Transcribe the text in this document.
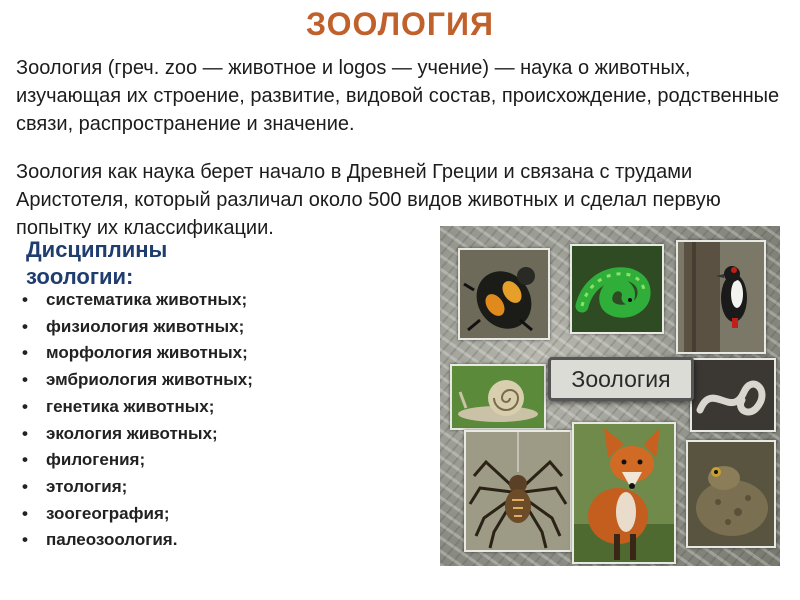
ЗООЛОГИЯ
Зоология (греч. zoo — животное и logos — учение) — наука о животных, изучающая их строение, развитие, видовой состав, происхождение, родственные связи, распространение и значение.
Зоология как наука берет начало в Древней Греции и связана с трудами Аристотеля, который различал около 500 видов животных и сделал первую попытку их классификации.
Дисциплины зоологии:
• систематика животных;
• физиология животных;
• морфология животных;
• эмбриология животных;
• генетика животных;
• экология животных;
• филогения;
• этология;
• зоогеография;
• палеозоология.
Зоология
